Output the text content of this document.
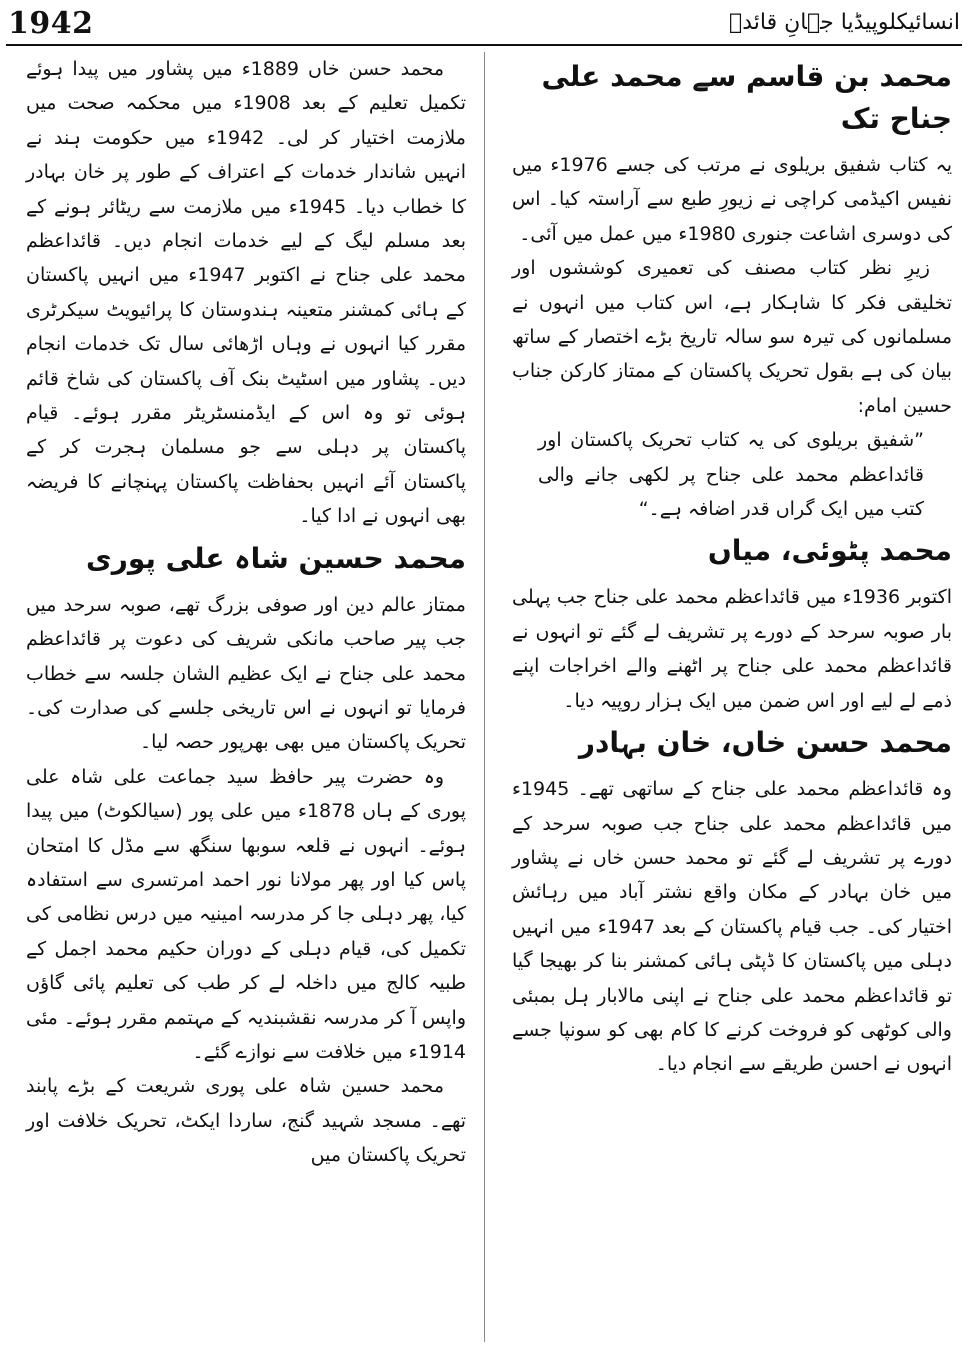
1942	انسائیکلوپیڈیا جہانِ قائدؒ
محمد بن قاسم سے محمد علی جناح تک

یہ کتاب شفیق بریلوی نے مرتب کی جسے 1976ء میں نفیس اکیڈمی کراچی نے زیورِ طبع سے آراستہ کیا۔ اس کی دوسری اشاعت جنوری 1980ء میں عمل میں آئی۔

زیرِ نظر کتاب مصنف کی تعمیری کوششوں اور تخلیقی فکر کا شاہکار ہے، اس کتاب میں انہوں نے مسلمانوں کی تیرہ سو سالہ تاریخ بڑے اختصار کے ساتھ بیان کی ہے بقول تحریک پاکستان کے ممتاز کارکن جناب حسین امام:

”شفیق بریلوی کی یہ کتاب تحریک پاکستان اور قائداعظم محمد علی جناح پر لکھی جانے والی کتب میں ایک گراں قدر اضافہ ہے۔“
محمد پٹوئی، میاں

اکتوبر 1936ء میں قائداعظم محمد علی جناح جب پہلی بار صوبہ سرحد کے دورے پر تشریف لے گئے تو انہوں نے قائداعظم محمد علی جناح پر اٹھنے والے اخراجات اپنے ذمے لے لیے اور اس ضمن میں ایک ہزار روپیہ دیا۔

محمد حسن خاں، خان بہادر

وہ قائداعظم محمد علی جناح کے ساتھی تھے۔ 1945ء میں قائداعظم محمد علی جناح جب صوبہ سرحد کے دورے پر تشریف لے گئے تو محمد حسن خاں نے پشاور میں خان بہادر کے مکان واقع نشتر آباد میں رہائش اختیار کی۔ جب قیام پاکستان کے بعد 1947ء میں انہیں دہلی میں پاکستان کا ڈپٹی ہائی کمشنر بنا کر بھیجا گیا تو قائداعظم محمد علی جناح نے اپنی مالابار ہل بمبئی والی کوٹھی کو فروخت کرنے کا کام بھی کو سونپا جسے انہوں نے احسن طریقے سے انجام دیا۔

محمد حسن خاں 1889ء میں پشاور میں پیدا ہوئے تکمیل تعلیم کے بعد 1908ء میں محکمہ صحت میں ملازمت اختیار کر لی۔ 1942ء میں حکومت ہند نے انہیں شاندار خدمات کے اعتراف کے طور پر خان بہادر کا خطاب دیا۔ 1945ء میں ملازمت سے ریٹائر ہونے کے بعد مسلم لیگ کے لیے خدمات انجام دیں۔ قائداعظم محمد علی جناح نے اکتوبر 1947ء میں انہیں پاکستان کے ہائی کمشنر متعینہ ہندوستان کا پرائیویٹ سیکرٹری مقرر کیا انہوں نے وہاں اڑھائی سال تک خدمات انجام دیں۔ پشاور میں اسٹیٹ بنک آف پاکستان کی شاخ قائم ہوئی تو وہ اس کے ایڈمنسٹریٹر مقرر ہوئے۔ قیام پاکستان پر دہلی سے جو مسلمان ہجرت کر کے پاکستان آئے انہیں بحفاظت پاکستان پہنچانے کا فریضہ بھی انہوں نے ادا کیا۔

محمد حسین شاہ علی پوری

ممتاز عالم دین اور صوفی بزرگ تھے، صوبہ سرحد میں جب پیر صاحب مانکی شریف کی دعوت پر قائداعظم محمد علی جناح نے ایک عظیم الشان جلسہ سے خطاب فرمایا تو انہوں نے اس تاریخی جلسے کی صدارت کی۔ تحریک پاکستان میں بھی بھرپور حصہ لیا۔

وہ حضرت پیر حافظ سید جماعت علی شاہ علی پوری کے ہاں 1878ء میں علی پور (سیالکوٹ) میں پیدا ہوئے۔ انہوں نے قلعہ سوبھا سنگھ سے مڈل کا امتحان پاس کیا اور پھر مولانا نور احمد امرتسری سے استفادہ کیا، پھر دہلی جا کر مدرسہ امینیہ میں درس نظامی کی تکمیل کی، قیام دہلی کے دوران حکیم محمد اجمل کے طبیہ کالج میں داخلہ لے کر طب کی تعلیم پائی گاؤں واپس آ کر مدرسہ نقشبندیہ کے مہتمم مقرر ہوئے۔ مئی 1914ء میں خلافت سے نوازے گئے۔

محمد حسین شاہ علی پوری شریعت کے بڑے پابند تھے۔ مسجد شہید گنج، ساردا ایکٹ، تحریک خلافت اور تحریک پاکستان میں
